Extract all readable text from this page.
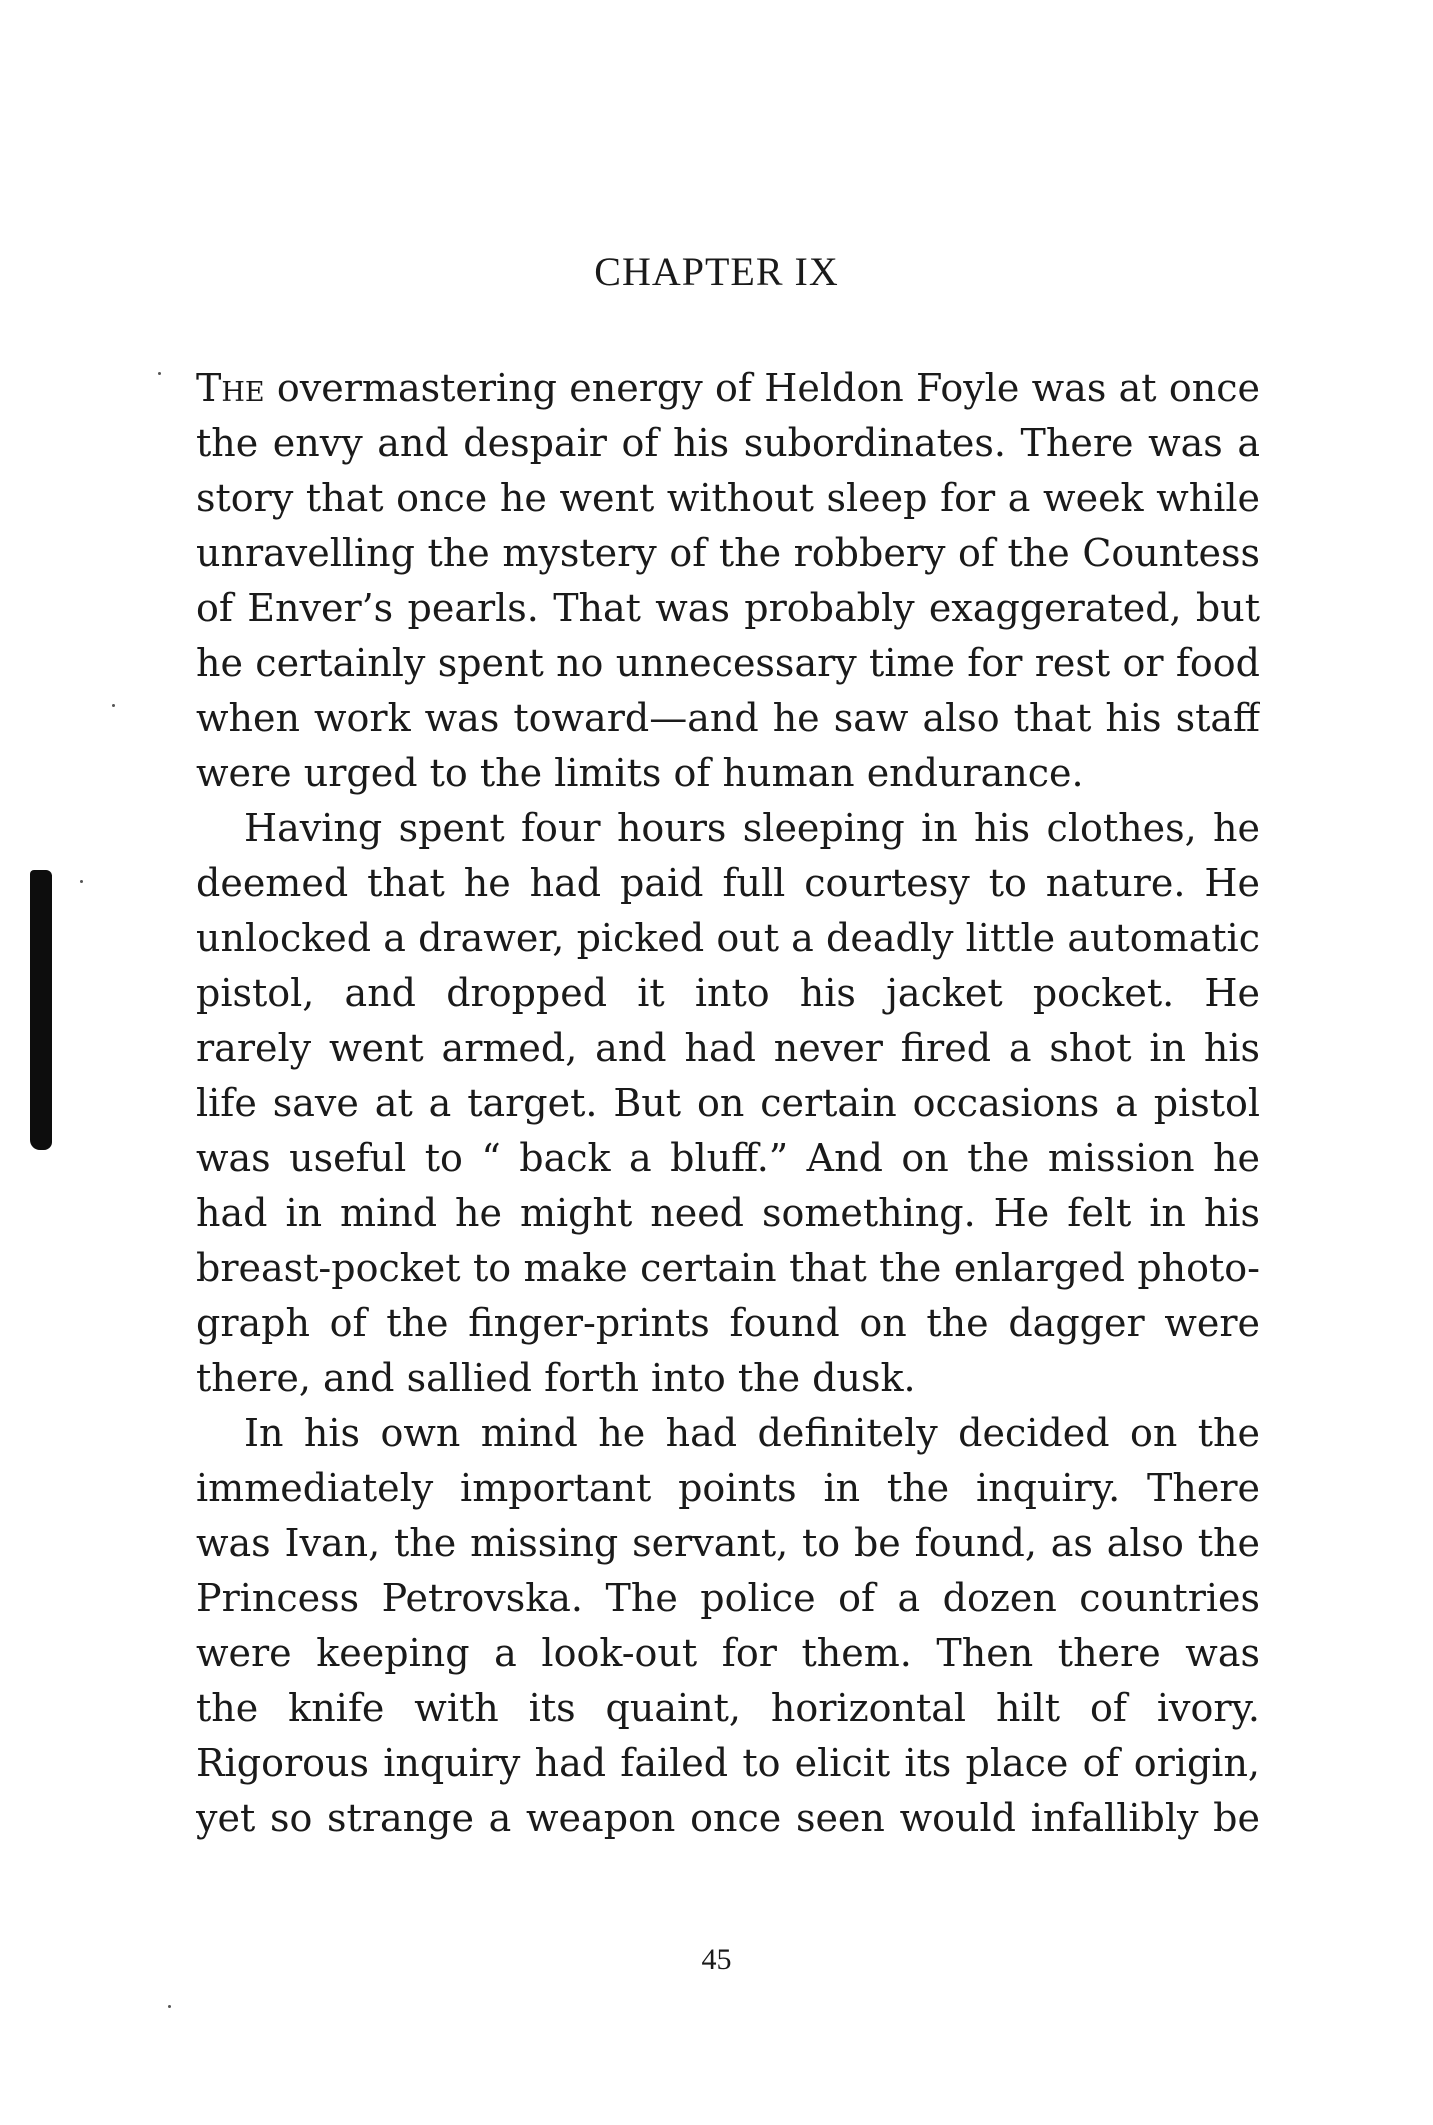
CHAPTER IX
The overmastering energy of Heldon Foyle was at once
the envy and despair of his subordinates. There was a
story that once he went without sleep for a week while
unravelling the mystery of the robbery of the Countess
of Enver’s pearls. That was probably exaggerated, but
he certainly spent no unnecessary time for rest or food
when work was toward—and he saw also that his staff
were urged to the limits of human endurance.
Having spent four hours sleeping in his clothes, he
deemed that he had paid full courtesy to nature. He
unlocked a drawer, picked out a deadly little automatic
pistol, and dropped it into his jacket pocket. He
rarely went armed, and had never fired a shot in his
life save at a target. But on certain occasions a pistol
was useful to “ back a bluff.” And on the mission he
had in mind he might need something. He felt in his
breast-pocket to make certain that the enlarged photo-
graph of the finger-prints found on the dagger were
there, and sallied forth into the dusk.
In his own mind he had definitely decided on the
immediately important points in the inquiry. There
was Ivan, the missing servant, to be found, as also the
Princess Petrovska. The police of a dozen countries
were keeping a look-out for them. Then there was
the knife with its quaint, horizontal hilt of ivory.
Rigorous inquiry had failed to elicit its place of origin,
yet so strange a weapon once seen would infallibly be
45
